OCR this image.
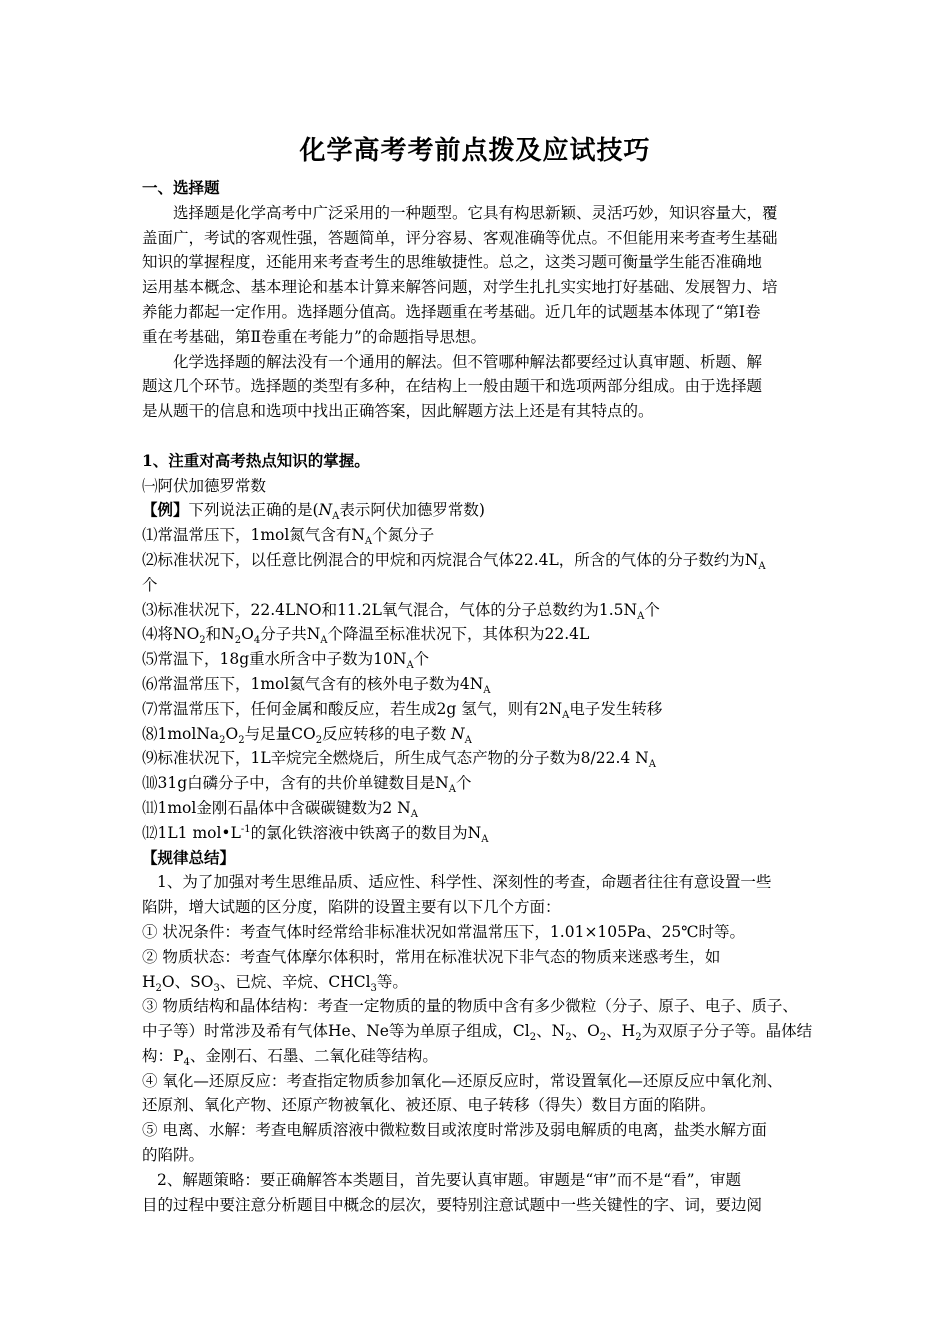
化学高考考前点拨及应试技巧
一、选择题
选择题是化学高考中广泛采用的一种题型。它具有构思新颖、灵活巧妙，知识容量大，覆
盖面广，考试的客观性强，答题简单，评分容易、客观准确等优点。不但能用来考查考生基础
知识的掌握程度，还能用来考查考生的思维敏捷性。总之，这类习题可衡量学生能否准确地
运用基本概念、基本理论和基本计算来解答问题，对学生扎扎实实地打好基础、发展智力、培
养能力都起一定作用。选择题分值高。选择题重在考基础。近几年的试题基本体现了“第Ⅰ卷
重在考基础，第Ⅱ卷重在考能力”的命题指导思想。
化学选择题的解法没有一个通用的解法。但不管哪种解法都要经过认真审题、析题、解
题这几个环节。选择题的类型有多种，在结构上一般由题干和选项两部分组成。由于选择题
是从题干的信息和选项中找出正确答案，因此解题方法上还是有其特点的。
1、注重对高考热点知识的掌握。
㈠阿伏加德罗常数
【例】下列说法正确的是($N_A$表示阿伏加德罗常数)
⑴常温常压下，1mol氮气含有$N_A$个氮分子
⑵标准状况下，以任意比例混合的甲烷和丙烷混合气体22.4L，所含的气体的分子数约为$N_A$
个
⑶标准状况下，22.4LNO和11.2L氧气混合，气体的分子总数约为$1.5N_A$个
⑷将$NO_2$和$N_2O_4$分子共$N_A$个降温至标准状况下，其体积为22.4L
⑸常温下，18g重水所含中子数为$10N_A$个
⑹常温常压下，1mol氦气含有的核外电子数为$4N_A$
⑺常温常压下，任何金属和酸反应，若生成2g 氢气，则有$2N_A$电子发生转移
$⑻1molNa_2O_2$与足量$CO_2$反应转移的电子数 $N_A$
⑼标准状况下，1L辛烷完全燃烧后，所生成气态产物的分子数为8/22.4 $N_A$
⑽31g白磷分子中，含有的共价单键数目是$N_A$个
⑾1mol金刚石晶体中含碳碳键数为2 $N_A$
⑿1L1 $mol•L^{-1}$的氯化铁溶液中铁离子的数目为$N_A$
【规律总结】
1、为了加强对考生思维品质、适应性、科学性、深刻性的考查，命题者往往有意设置一些
陷阱，增大试题的区分度，陷阱的设置主要有以下几个方面：
① 状况条件：考查气体时经常给非标准状况如常温常压下，1.01×105Pa、25℃时等。
② 物质状态：考查气体摩尔体积时，常用在标准状况下非气态的物质来迷惑考生，如
$H_2O$、$SO_3$、已烷、辛烷、CHCl$_3$等。
③ 物质结构和晶体结构：考查一定物质的量的物质中含有多少微粒（分子、原子、电子、质子、
中子等）时常涉及希有气体He、Ne等为单原子组成，$Cl_2$、$N_2$、$O_2$、$H_2$为双原子分子等。晶体结
构：$P_4$、金刚石、石墨、二氧化硅等结构。
④ 氧化—还原反应：考查指定物质参加氧化—还原反应时，常设置氧化—还原反应中氧化剂、
还原剂、氧化产物、还原产物被氧化、被还原、电子转移（得失）数目方面的陷阱。
⑤ 电离、水解：考查电解质溶液中微粒数目或浓度时常涉及弱电解质的电离，盐类水解方面
的陷阱。
2、解题策略：要正确解答本类题目，首先要认真审题。审题是“审”而不是“看”，审题
目的过程中要注意分析题目中概念的层次，要特别注意试题中一些关键性的字、词，要边阅
